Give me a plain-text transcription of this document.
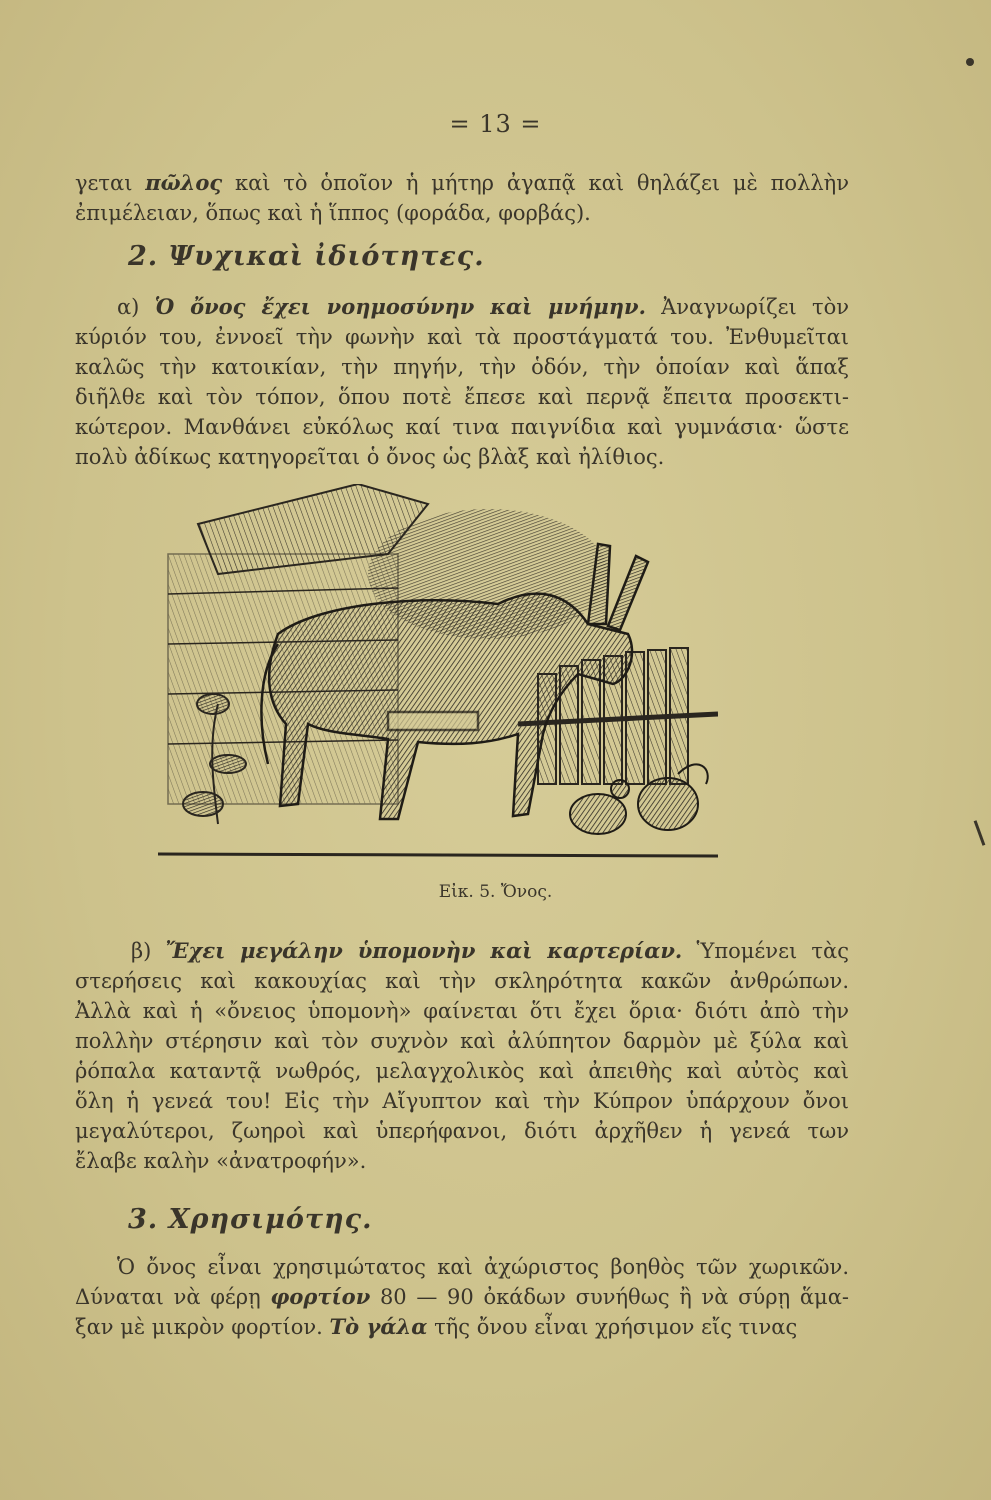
= 13 =
γεται πῶλος καὶ τὸ ὁποῖον ἡ μήτηρ ἀγαπᾷ καὶ θηλάζει μὲ πολλὴν
ἐπιμέλειαν, ὅπως καὶ ἡ ἵππος (φοράδα, φορβάς).
2. Ψυχικαὶ ἰδιότητες.
α) Ὁ ὄνος ἔχει νοημοσύνην καὶ μνήμην. Ἀναγνωρίζει τὸν
κύριόν του, ἐννοεῖ τὴν φωνὴν καὶ τὰ προστάγματά του. Ἐνθυμεῖται
καλῶς τὴν κατοικίαν, τὴν πηγήν, τὴν ὁδόν, τὴν ὁποίαν καὶ ἅπαξ
διῆλθε καὶ τὸν τόπον, ὅπου ποτὲ ἔπεσε καὶ περνᾷ ἔπειτα προσεκτι-
κώτερον. Μανθάνει εὐκόλως καί τινα παιγνίδια καὶ γυμνάσια· ὥστε
πολὺ ἀδίκως κατηγορεῖται ὁ ὄνος ὡς βλὰξ καὶ ἠλίθιος.
Εἰκ. 5. Ὄνος.
β) Ἔχει μεγάλην ὑπομονὴν καὶ καρτερίαν. Ὑπομένει τὰς
στερήσεις καὶ κακουχίας καὶ τὴν σκληρότητα κακῶν ἀνθρώπων.
Ἀλλὰ καὶ ἡ «ὄνειος ὑπομονὴ» φαίνεται ὅτι ἔχει ὅρια· διότι ἀπὸ τὴν
πολλὴν στέρησιν καὶ τὸν συχνὸν καὶ ἀλύπητον δαρμὸν μὲ ξύλα καὶ
ῥόπαλα καταντᾷ νωθρός, μελαγχολικὸς καὶ ἀπειθὴς καὶ αὐτὸς καὶ
ὅλη ἡ γενεά του! Εἰς τὴν Αἴγυπτον καὶ τὴν Κύπρον ὑπάρχουν ὄνοι
μεγαλύτεροι, ζωηροὶ καὶ ὑπερήφανοι, διότι ἀρχῆθεν ἡ γενεά των
ἔλαβε καλὴν «ἀνατροφήν».
3. Χρησιμότης.
Ὁ ὄνος εἶναι χρησιμώτατος καὶ ἀχώριστος βοηθὸς τῶν χωρικῶν.
Δύναται νὰ φέρῃ φορτίον 80 — 90 ὀκάδων συνήθως ἢ νὰ σύρῃ ἅμα-
ξαν μὲ μικρὸν φορτίον. Τὸ γάλα τῆς ὄνου εἶναι χρήσιμον εἴς τινας
